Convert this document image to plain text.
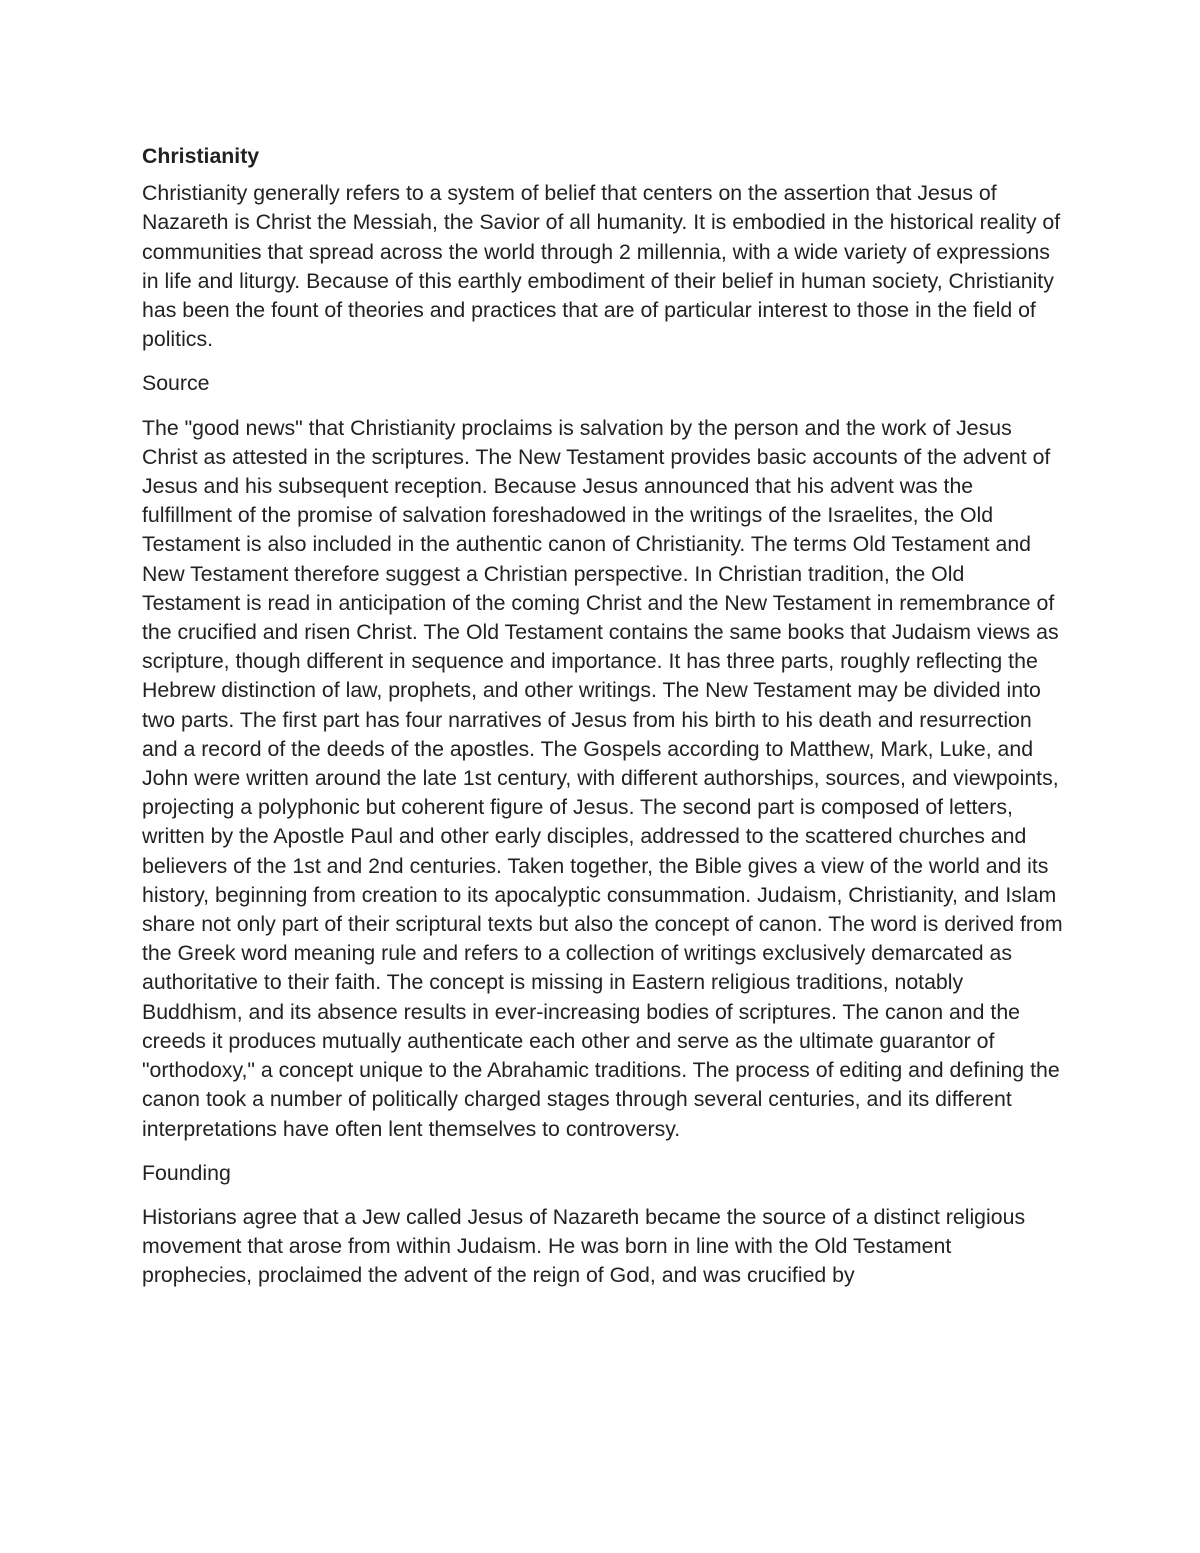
Christianity

Christianity generally refers to a system of belief that centers on the assertion that Jesus of Nazareth is Christ the Messiah, the Savior of all humanity. It is embodied in the historical reality of communities that spread across the world through 2 millennia, with a wide variety of expressions in life and liturgy. Because of this earthly embodiment of their belief in human society, Christianity has been the fount of theories and practices that are of particular interest to those in the field of politics.

Source

The "good news" that Christianity proclaims is salvation by the person and the work of Jesus Christ as attested in the scriptures. The New Testament provides basic accounts of the advent of Jesus and his subsequent reception. Because Jesus announced that his advent was the fulfillment of the promise of salvation foreshadowed in the writings of the Israelites, the Old Testament is also included in the authentic canon of Christianity. The terms Old Testament and New Testament therefore suggest a Christian perspective. In Christian tradition, the Old Testament is read in anticipation of the coming Christ and the New Testament in remembrance of the crucified and risen Christ. The Old Testament contains the same books that Judaism views as scripture, though different in sequence and importance. It has three parts, roughly reflecting the Hebrew distinction of law, prophets, and other writings. The New Testament may be divided into two parts. The first part has four narratives of Jesus from his birth to his death and resurrection and a record of the deeds of the apostles. The Gospels according to Matthew, Mark, Luke, and John were written around the late 1st century, with different authorships, sources, and viewpoints, projecting a polyphonic but coherent figure of Jesus. The second part is composed of letters, written by the Apostle Paul and other early disciples, addressed to the scattered churches and believers of the 1st and 2nd centuries. Taken together, the Bible gives a view of the world and its history, beginning from creation to its apocalyptic consummation. Judaism, Christianity, and Islam share not only part of their scriptural texts but also the concept of canon. The word is derived from the Greek word meaning rule and refers to a collection of writings exclusively demarcated as authoritative to their faith. The concept is missing in Eastern religious traditions, notably Buddhism, and its absence results in ever-increasing bodies of scriptures. The canon and the creeds it produces mutually authenticate each other and serve as the ultimate guarantor of "orthodoxy," a concept unique to the Abrahamic traditions. The process of editing and defining the canon took a number of politically charged stages through several centuries, and its different interpretations have often lent themselves to controversy.

Founding

Historians agree that a Jew called Jesus of Nazareth became the source of a distinct religious movement that arose from within Judaism. He was born in line with the Old Testament prophecies, proclaimed the advent of the reign of God, and was crucified by
